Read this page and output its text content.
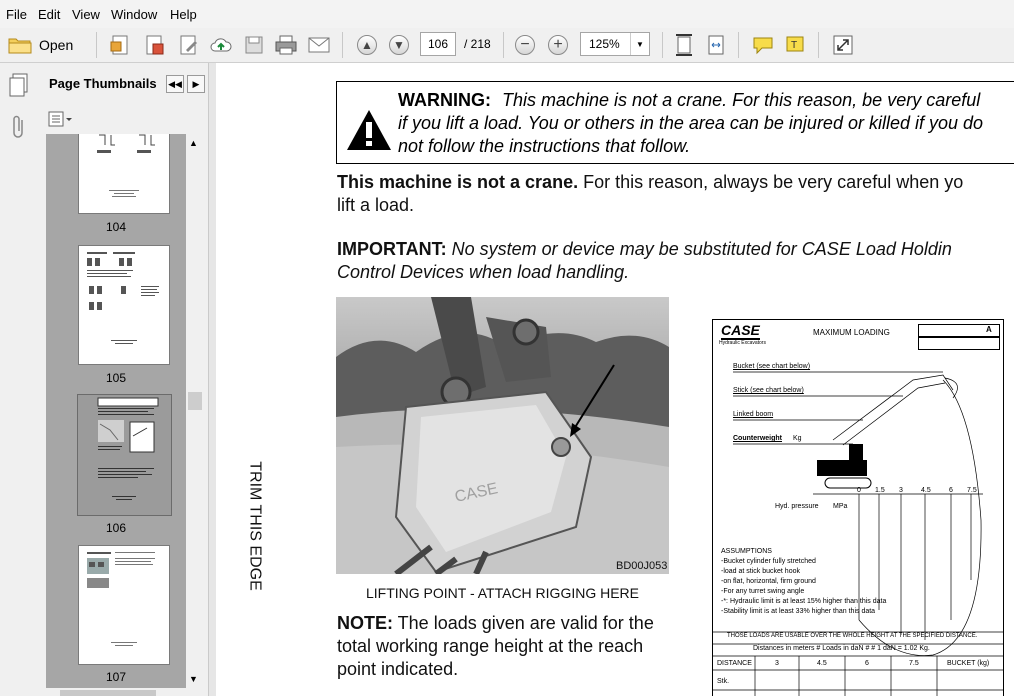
File Edit View Window Help
Open	▲	▼
106	/ 218	−	+	125%	▼	T
Page Thumbnails ◀◀	▶
104
105
106
107
▲
▼
WARNING: This machine is not a crane. For this reason, be very careful
if you lift a load. You or others in the area can be injured or killed if you do
not follow the instructions that follow.
This machine is not a crane. For this reason, always be very careful when yo
lift a load.
IMPORTANT: No system or device may be substituted for CASE Load Holdin
Control Devices when load handling.
CASE
BD00J053
LIFTING POINT - ATTACH RIGGING HERE
TRIM THIS EDGE
NOTE: The loads given are valid for the
total working range height at the reach
point indicated.
CASE
Hydraulic Excavators
MAXIMUM LOADING	A
Bucket (see chart below)
Stick (see chart below)
Linked boom
Counterweight Kg
Hyd. pressure MPa
0 1.5 3	4.5	6 7.5
ASSUMPTIONS
-Bucket cylinder fully stretched
-load at stick bucket hook
-on flat, horizontal, firm ground
-For any turret swing angle
-*: Hydraulic limit is at least 15% higher than this data
-Stability limit is at least 33% higher than this data
THOSE LOADS ARE USABLE OVER THE WHOLE HEIGHT AT THE SPECIFIED DISTANCE.
Distances in meters # Loads in daN # # 1 daN = 1.02 Kg.
DISTANCE	3	4.5	6	7.5	BUCKET (kg)
Stk.
